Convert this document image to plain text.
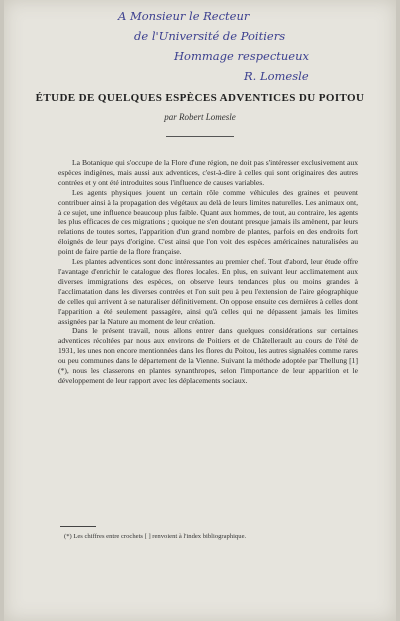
A Monsieur le Recteur
de l'Université de Poitiers
Hommage respectueux
R. Lomesle
ÉTUDE DE QUELQUES ESPÈCES ADVENTICES DU POITOU
par Robert Lomesle

La Botanique qui s'occupe de la Flore d'une région, ne doit pas s'intéresser exclusivement aux espèces indigènes, mais aussi aux adventices, c'est-à-dire à celles qui sont originaires des autres contrées et y ont été introduites sous l'influence de causes variables.

Les agents physiques jouent un certain rôle comme véhicules des graines et peuvent contribuer ainsi à la propagation des végétaux au delà de leurs limites naturelles. Les animaux ont, à ce sujet, une influence beaucoup plus faible. Quant aux hommes, de tout, au contraire, les agents les plus efficaces de ces migrations ; quoique ne s'en doutant presque jamais ils amènent, par leurs relations de toutes sortes, l'apparition d'un grand nombre de plantes, parfois en des endroits fort éloignés de leur pays d'origine. C'est ainsi que l'on voit des espèces américaines naturalisées au point de faire partie de la flore française.

Les plantes adventices sont donc intéressantes au premier chef. Tout d'abord, leur étude offre l'avantage d'enrichir le catalogue des flores locales. En plus, en suivant leur acclimatement aux diverses immigrations des espèces, on observe leurs tendances plus ou moins grandes à l'acclimatation dans les diverses contrées et l'on suit peu à peu l'extension de l'aire géographique de celles qui arrivent à se naturaliser définitivement. On oppose ensuite ces dernières à celles dont l'apparition a été seulement passagère, ainsi qu'à celles qui ne dépassent jamais les limites assignées par la Nature au moment de leur création.

Dans le présent travail, nous allons entrer dans quelques considérations sur certaines adventices récoltées par nous aux environs de Poitiers et de Châtellerault au cours de l'été de 1931, les unes non encore mentionnées dans les flores du Poitou, les autres signalées comme rares ou peu communes dans le département de la Vienne. Suivant la méthode adoptée par Thellung [1] (*), nous les classerons en plantes synanthropes, selon l'importance de leur apparition et le développement de leur rapport avec les déplacements sociaux.

(*) Les chiffres entre crochets [ ] renvoient à l'index bibliographique.
